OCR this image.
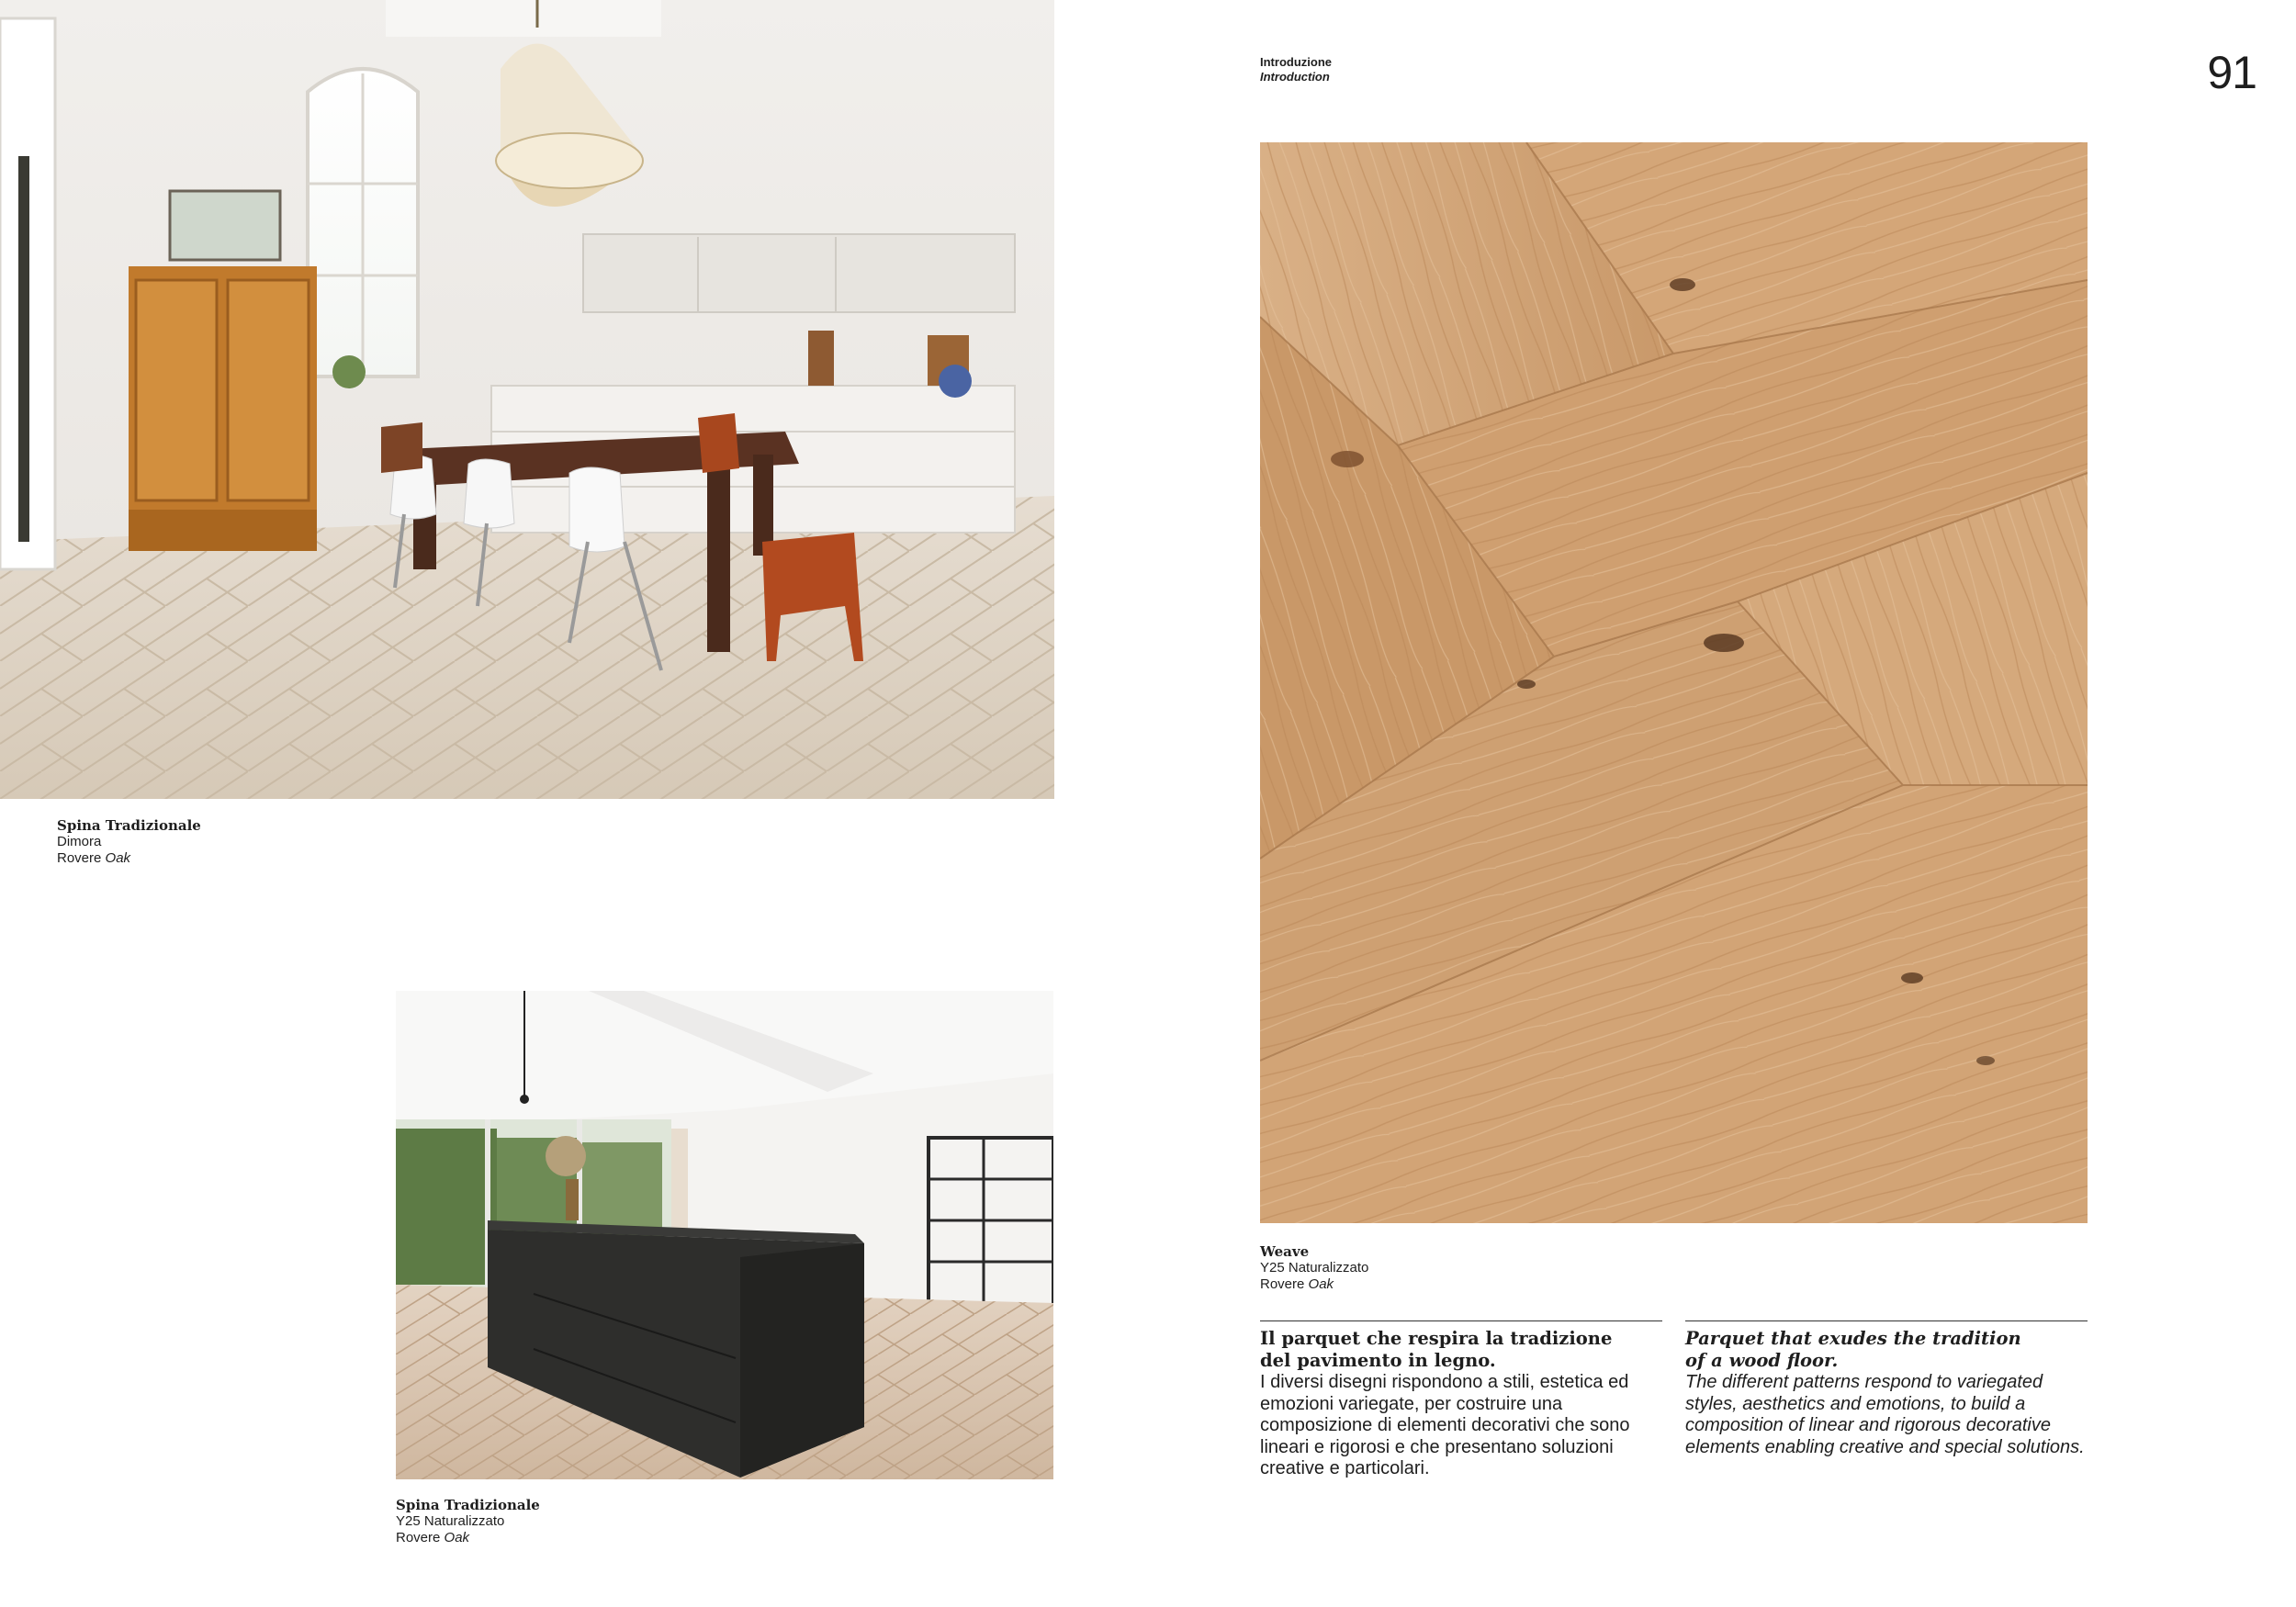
Spina Tradizionale
Dimora
Rovere Oak
Spina Tradizionale
Y25 Naturalizzato
Rovere Oak
Introduzione
Introduction	91
Weave
Y25 Naturalizzato
Rovere Oak
Il parquet che respira la tradizione
del pavimento in legno.
I diversi disegni rispondono a stili, estetica ed emozioni variegate, per costruire una composizione di elementi decorativi che sono lineari e rigorosi e che presentano soluzioni creative e particolari.
Parquet that exudes the tradition
of a wood floor.
The different patterns respond to variegated styles, aesthetics and emotions, to build a composition of linear and rigorous decorative elements enabling creative and special solutions.
